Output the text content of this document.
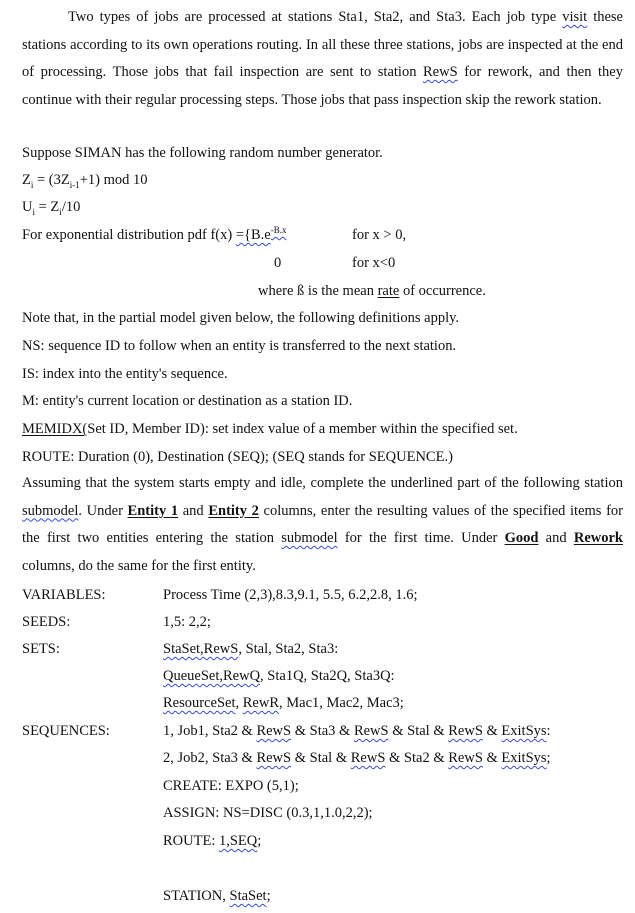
Two types of jobs are processed at stations Sta1, Sta2, and Sta3. Each job type visit these stations according to its own operations routing. In all these three stations, jobs are inspected at the end of processing. Those jobs that fail inspection are sent to station RewS for rework, and then they continue with their regular processing steps. Those jobs that pass inspection skip the rework station.
Suppose SIMAN has the following random number generator.
$Z_i = (3Z_{i-1}+1)$ mod 10
$U_i = Z_i/10$
For exponential distribution pdf $f(x) =\{B.e^{-B.x}$	for x > 0,
0	for x<0
where ß is the mean rate of occurrence.
Note that, in the partial model given below, the following definitions apply.
NS: sequence ID to follow when an entity is transferred to the next station.
IS: index into the entity's sequence.
M: entity's current location or destination as a station ID.
MEMIDX(Set ID, Member ID): set index value of a member within the specified set.
ROUTE: Duration (0), Destination (SEQ); (SEQ stands for SEQUENCE.)
Assuming that the system starts empty and idle, complete the underlined part of the following station submodel. Under Entity 1 and Entity 2 columns, enter the resulting values of the specified items for the first two entities entering the station submodel for the first time. Under Good and Rework columns, do the same for the first entity.
VARIABLES:	Process Time (2,3),8.3,9.1, 5.5, 6.2,2.8, 1.6;
SEEDS:	1,5: 2,2;
SETS:	StaSet,RewS, Stal, Sta2, Sta3:
QueueSet,RewQ, Sta1Q, Sta2Q, Sta3Q:
ResourceSet, RewR, Mac1, Mac2, Mac3;
SEQUENCES:	1, Job1, Sta2 & RewS & Sta3 & RewS & Stal & RewS & ExitSys:
2, Job2, Sta3 & RewS & Stal & RewS & Sta2 & RewS & ExitSys;
CREATE: EXPO (5,1);
ASSIGN: NS=DISC (0.3,1,1.0,2,2);
ROUTE: 1,SEQ;
STATION, StaSet;
